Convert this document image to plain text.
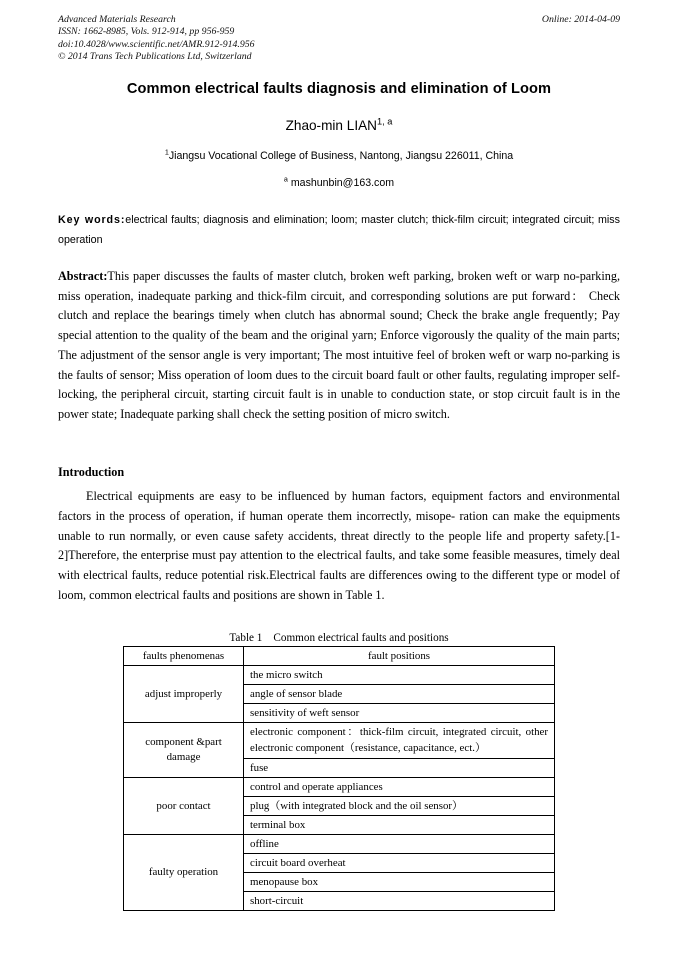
Advanced Materials Research	Online: 2014-04-09
ISSN: 1662-8985, Vols. 912-914, pp 956-959
doi:10.4028/www.scientific.net/AMR.912-914.956
© 2014 Trans Tech Publications Ltd, Switzerland
Common electrical faults diagnosis and elimination of Loom
Zhao-min LIAN$^{1, a}$
$^1$Jiangsu Vocational College of Business, Nantong, Jiangsu 226011, China
$^a$ mashunbin@163.com
Key words:electrical faults; diagnosis and elimination; loom; master clutch; thick-film circuit; integrated circuit; miss operation
Abstract:This paper discusses the faults of master clutch, broken weft parking, broken weft or warp no-parking, miss operation, inadequate parking and thick-film circuit, and corresponding solutions are put forward： Check clutch and replace the bearings timely when clutch has abnormal sound; Check the brake angle frequently; Pay special attention to the quality of the beam and the original yarn; Enforce vigorously the quality of the main parts; The adjustment of the sensor angle is very important; The most intuitive feel of broken weft or warp no-parking is the faults of sensor; Miss operation of loom dues to the circuit board fault or other faults, regulating improper self-locking, the peripheral circuit, starting circuit fault is in unable to conduction state, or stop circuit fault is in the power state; Inadequate parking shall check the setting position of micro switch.
Introduction
Electrical equipments are easy to be influenced by human factors, equipment factors and environmental factors in the process of operation, if human operate them incorrectly, misope- ration can make the equipments unable to run normally, or even cause safety accidents, threat directly to the people life and property safety.[1-2]Therefore, the enterprise must pay attention to the electrical faults, and take some feasible measures, timely deal with electrical faults, reduce potential risk.Electrical faults are differences owing to the different type or model of loom, common electrical faults and positions are shown in Table 1.
Table 1 Common electrical faults and positions
faults phenomenas	fault positions
adjust improperly	the micro switch
	angle of sensor blade
	sensitivity of weft sensor
component &part damage	electronic component：thick-film circuit, integrated circuit, other electronic component（resistance, capacitance, ect.）
	fuse
poor contact	control and operate appliances
	plug（with integrated block and the oil sensor）
	terminal box
faulty operation	offline
	circuit board overheat
	menopause box
	short-circuit
